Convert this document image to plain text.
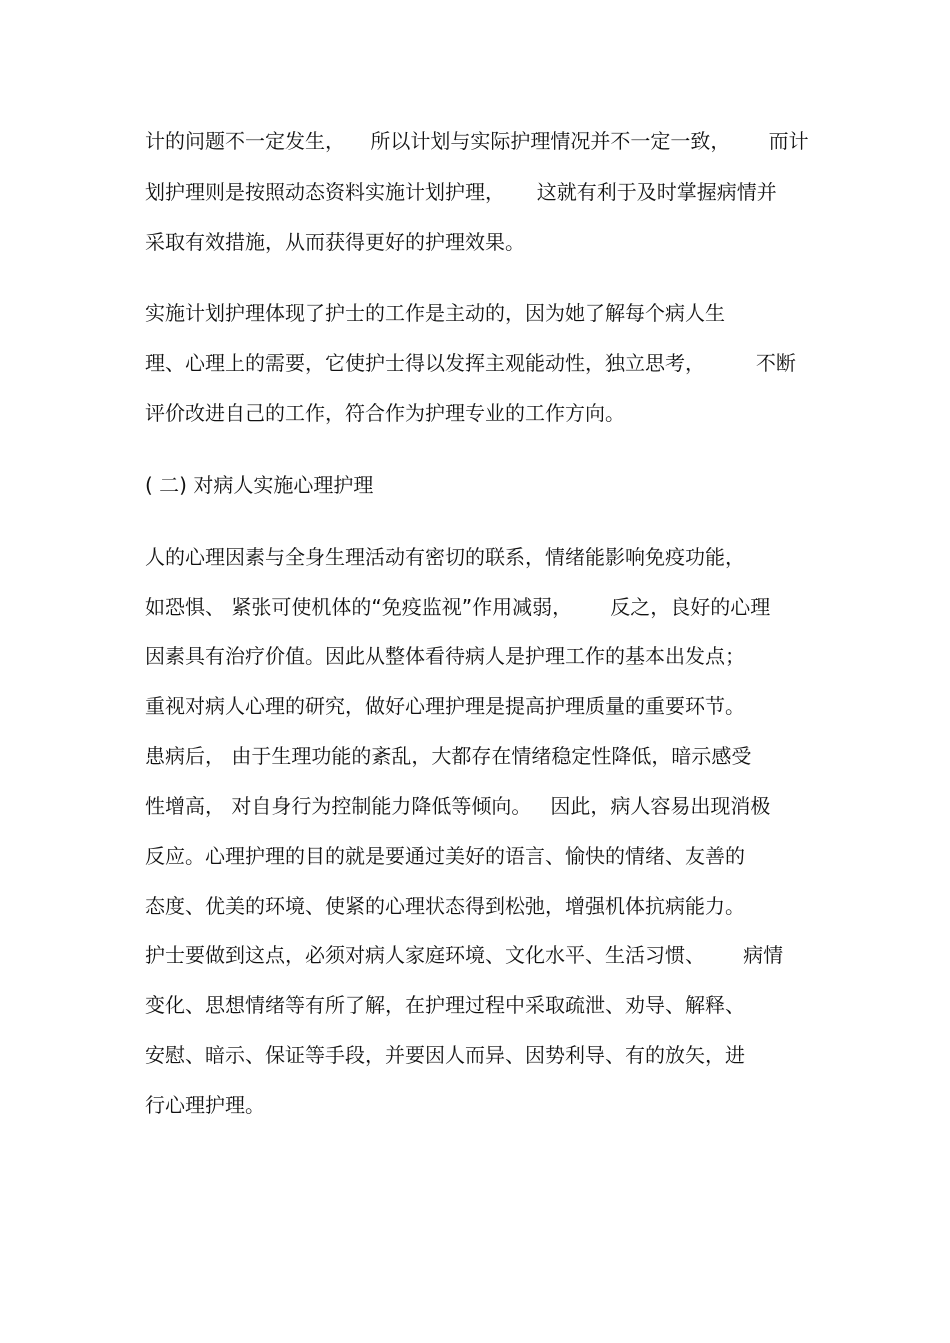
计的问题不一定发生，    所以计划与实际护理情况并不一定一致，      而计
划护理则是按照动态资料实施计划护理，     这就有利于及时掌握病情并
采取有效措施，从而获得更好的护理效果。
实施计划护理体现了护士的工作是主动的，因为她了解每个病人生
理、心理上的需要，它使护士得以发挥主观能动性，独立思考，        不断
评价改进自己的工作，符合作为护理专业的工作方向。
( 二) 对病人实施心理护理
人的心理因素与全身生理活动有密切的联系，情绪能影响免疫功能，
如恐惧、 紧张可使机体的“免疫监视”作用减弱，      反之，良好的心理
因素具有治疗价值。因此从整体看待病人是护理工作的基本出发点；
重视对病人心理的研究，做好心理护理是提高护理质量的重要环节。
患病后， 由于生理功能的紊乱，大都存在情绪稳定性降低，暗示感受
性增高， 对自身行为控制能力降低等倾向。   因此，病人容易出现消极
反应。心理护理的目的就是要通过美好的语言、愉快的情绪、友善的
态度、优美的环境、使紧的心理状态得到松弛，增强机体抗病能力。
护士要做到这点，必须对病人家庭环境、文化水平、生活习惯、      病情
变化、思想情绪等有所了解，在护理过程中采取疏泄、劝导、解释、
安慰、暗示、保证等手段，并要因人而异、因势利导、有的放矢，进
行心理护理。
